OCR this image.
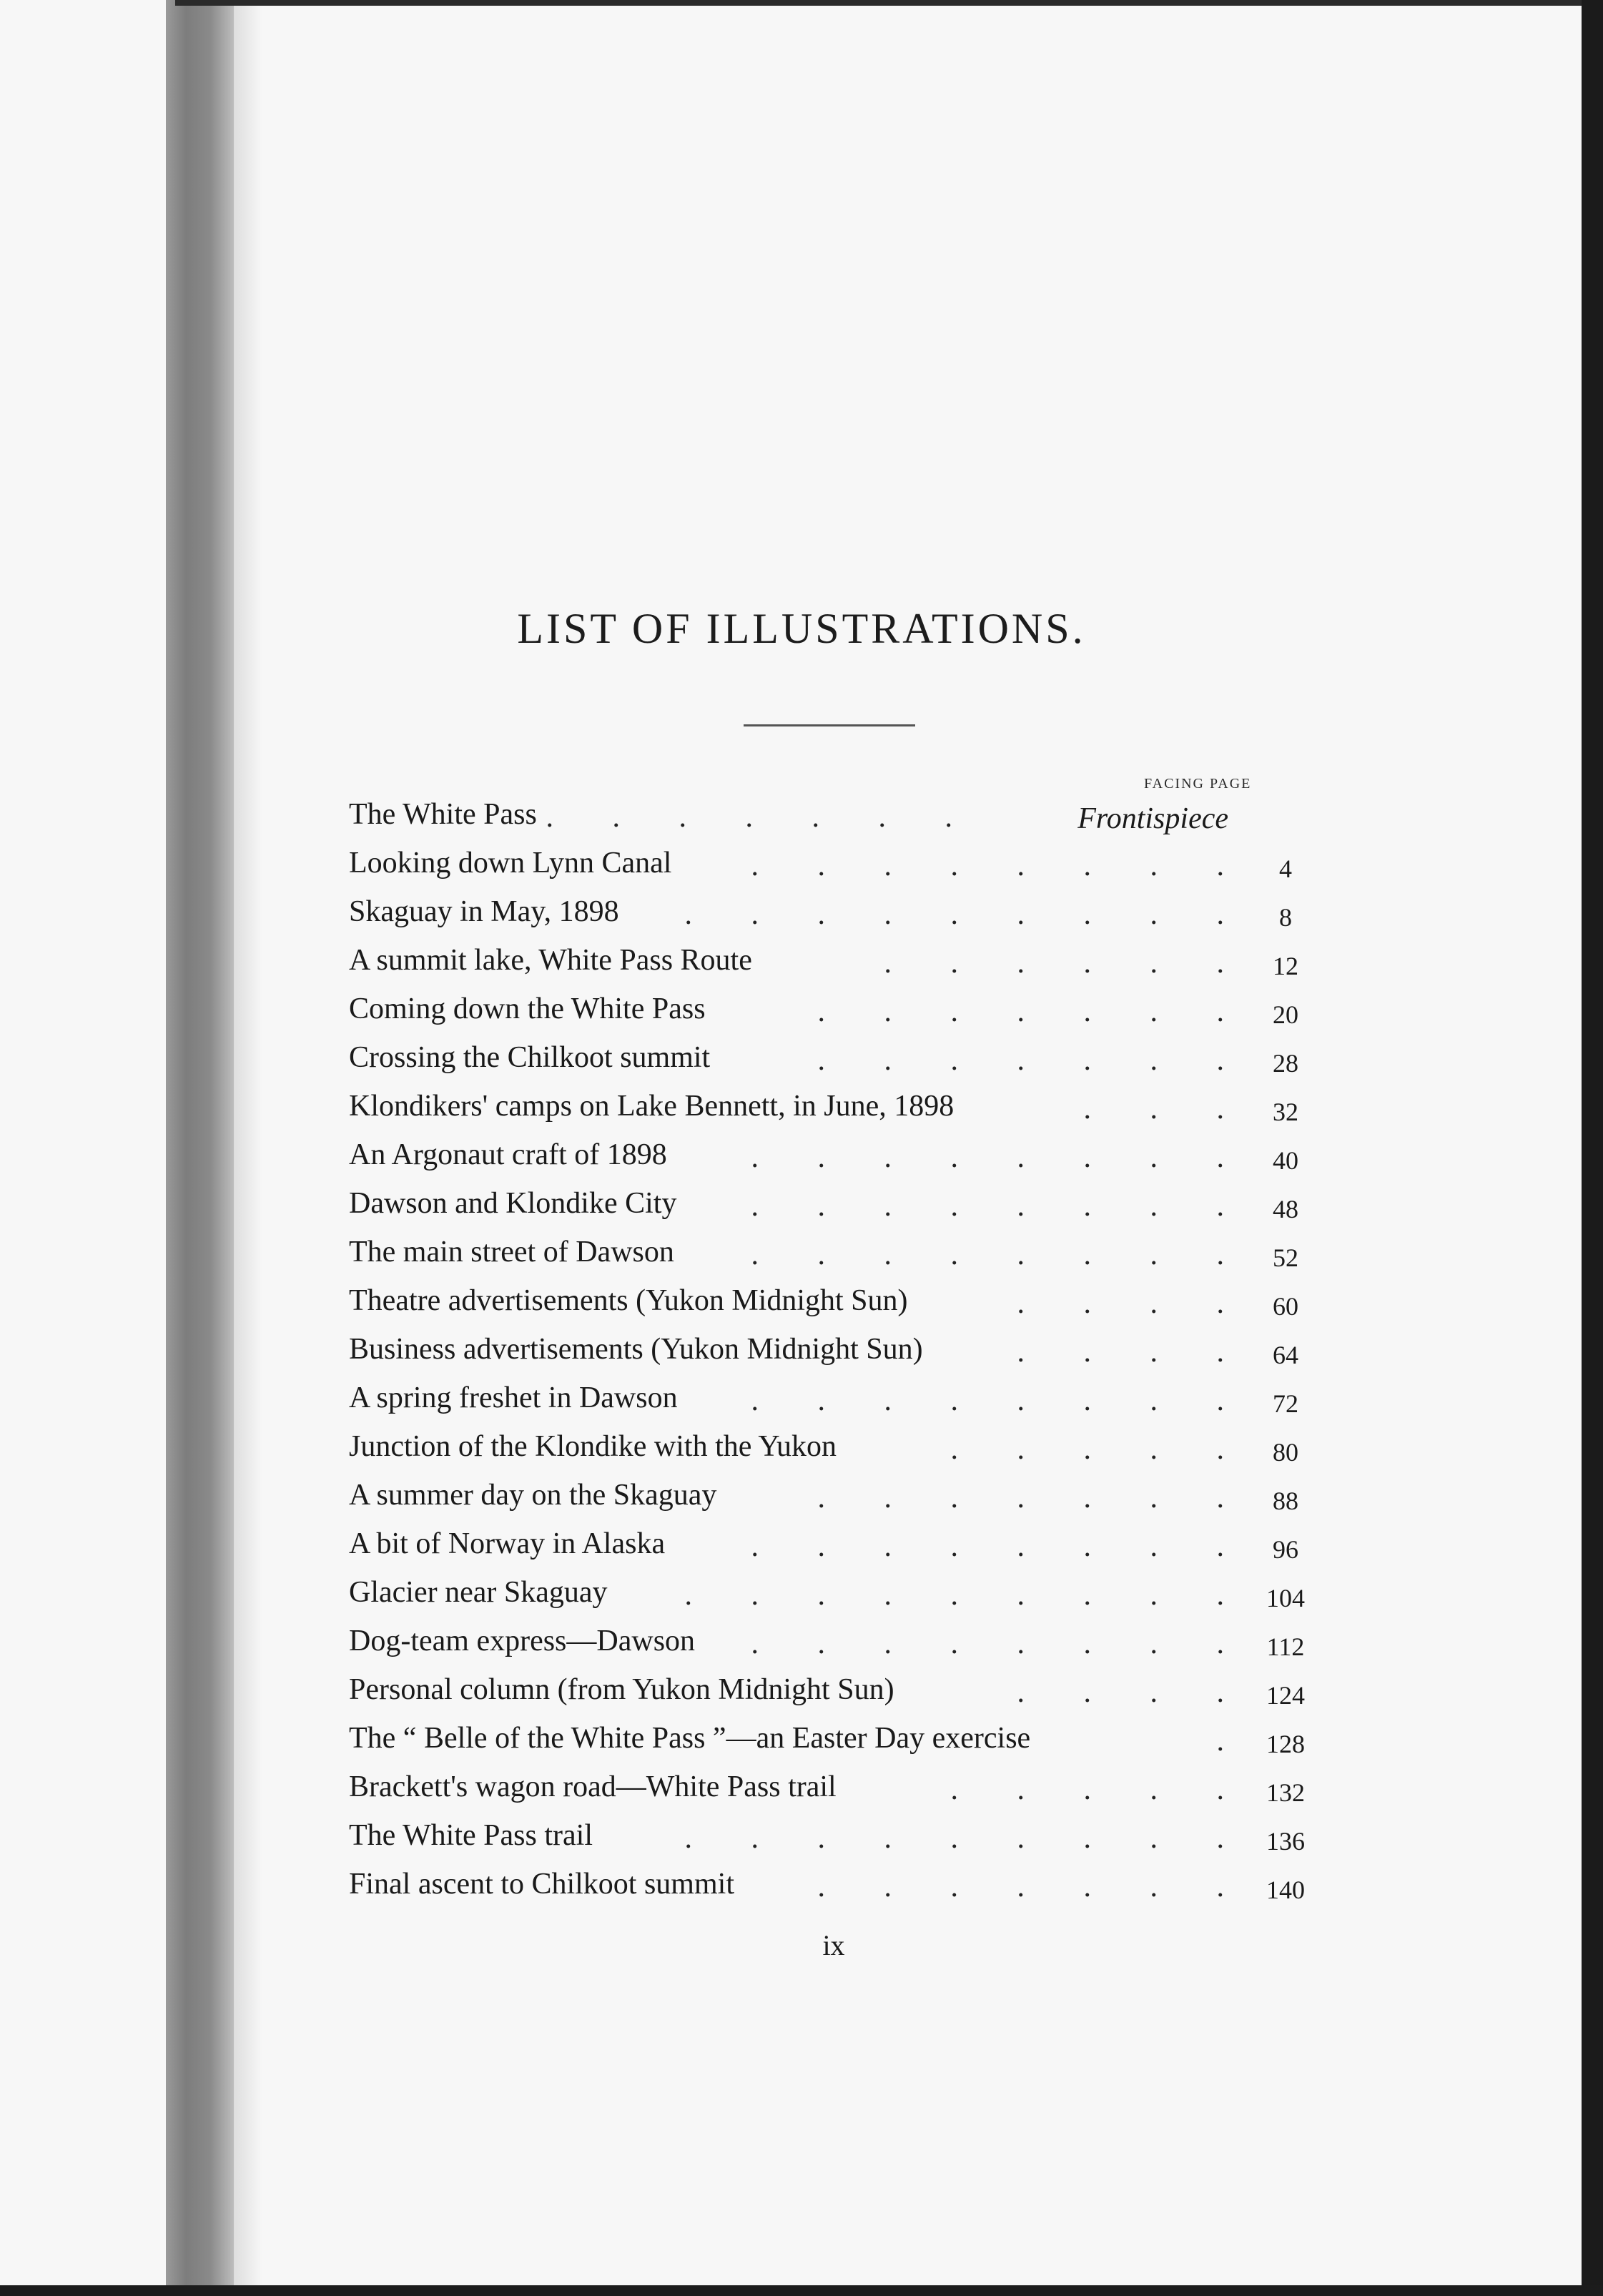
LIST OF ILLUSTRATIONS.
FACING PAGE
The White Pass . . . . . . .	Frontispiece
Looking down Lynn Canal	. . . . . . . .	4
Skaguay in May, 1898 . . . . . . . . .	8
A summit lake, White Pass Route	. . . . . . 12
Coming down the White Pass	. . . . . . . 20
Crossing the Chilkoot summit	. . . . . . . 28
Klondikers' camps on Lake Bennett, in June, 1898	. . . 32
An Argonaut craft of 1898	. . . . . . . . 40
Dawson and Klondike City . . . . . . . . 48
The main street of Dawson	. . . . . . . . 52
Theatre advertisements (Yukon Midnight Sun)	. . . . 60
Business advertisements (Yukon Midnight Sun)	. . . . 64
A spring freshet in Dawson . . . . . . . . 72
Junction of the Klondike with the Yukon	. . . . . 80
A summer day on the Skaguay	. . . . . . . 88
A bit of Norway in Alaska	. . . . . . . . 96
Glacier near Skaguay	. . . . . . . . . 104
Dog-team express—Dawson . . . . . . . . 112
Personal column (from Yukon Midnight Sun)	. . . . 124
The “ Belle of the White Pass ”—an Easter Day exercise	. 128
Brackett's wagon road—White Pass trail	. . . . . 132
The White Pass trail	. . . . . . . . . 136
Final ascent to Chilkoot summit	. . . . . . . 140
ix
